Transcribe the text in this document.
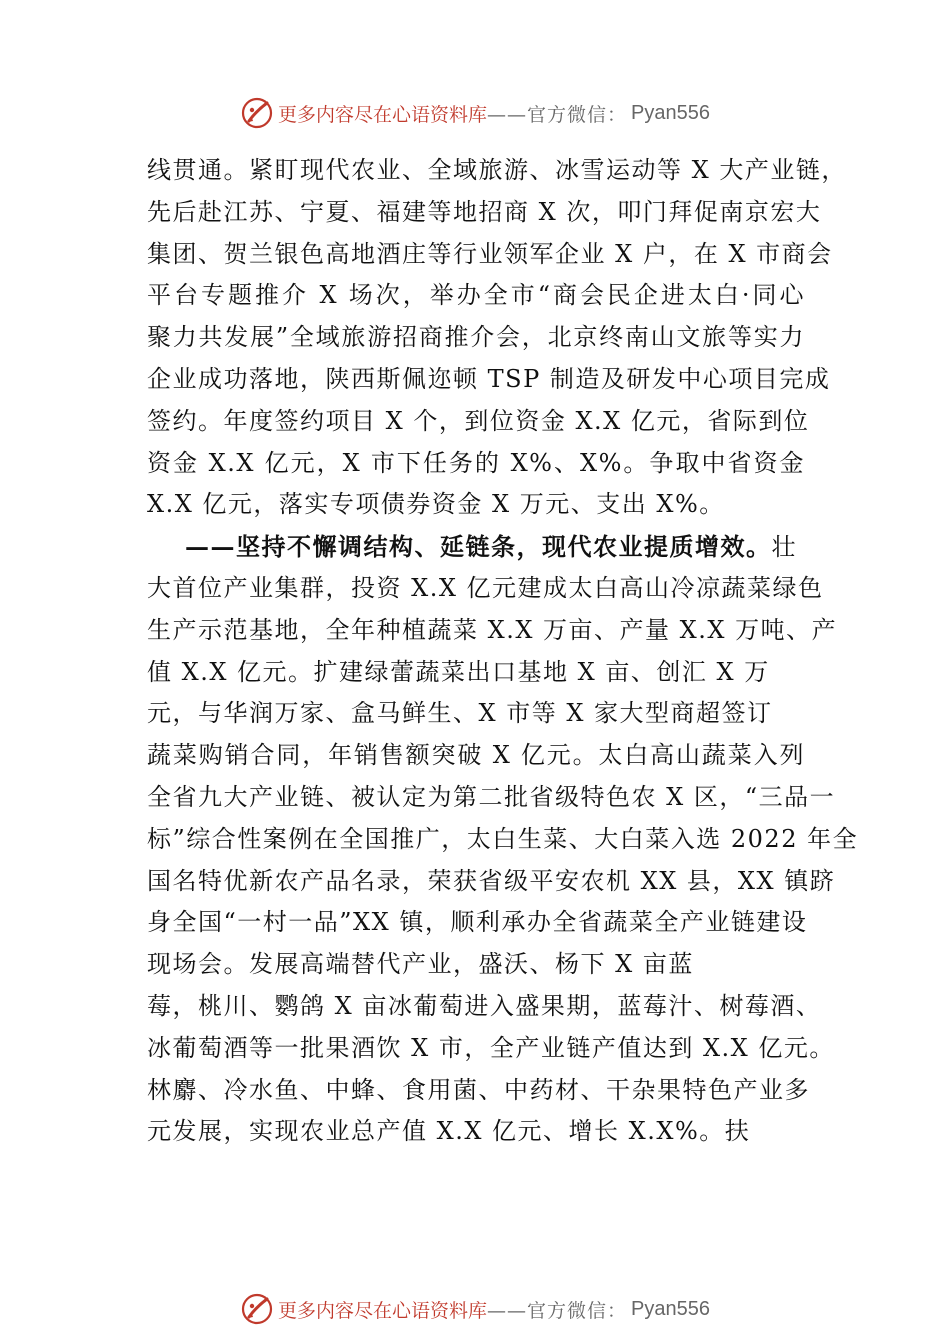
更多内容尽在心语资料库 ——官方微信： Pyan556
线贯通。紧盯现代农业、全域旅游、冰雪运动等 X 大产业链，
先后赴江苏、宁夏、福建等地招商 X 次，叩门拜促南京宏大
集团、贺兰银色高地酒庄等行业领军企业 X 户，在 X 市商会
平台专题推介 X 场次，举办全市“商会民企进太白·同心
聚力共发展”全域旅游招商推介会，北京终南山文旅等实力
企业成功落地，陕西斯佩迩顿 TSP 制造及研发中心项目完成
签约。年度签约项目 X 个，到位资金 X.X 亿元，省际到位
资金 X.X 亿元，X 市下任务的 X%、X%。争取中省资金
X.X 亿元，落实专项债券资金 X 万元、支出 X%。
——坚持不懈调结构、延链条，现代农业提质增效。壮
大首位产业集群，投资 X.X 亿元建成太白高山冷凉蔬菜绿色
生产示范基地，全年种植蔬菜 X.X 万亩、产量 X.X 万吨、产
值 X.X 亿元。扩建绿蕾蔬菜出口基地 X 亩、创汇 X 万
元，与华润万家、盒马鲜生、X 市等 X 家大型商超签订
蔬菜购销合同，年销售额突破 X 亿元。太白高山蔬菜入列
全省九大产业链、被认定为第二批省级特色农 X 区，“三品一
标”综合性案例在全国推广，太白生菜、大白菜入选 2022 年全
国名特优新农产品名录，荣获省级平安农机 XX 县，XX 镇跻
身全国“一村一品”XX 镇，顺利承办全省蔬菜全产业链建设
现场会。发展高端替代产业，盛沃、杨下 X 亩蓝
莓，桃川、鹦鸽 X 亩冰葡萄进入盛果期，蓝莓汁、树莓酒、
冰葡萄酒等一批果酒饮 X 市，全产业链产值达到 X.X 亿元。
林麝、冷水鱼、中蜂、食用菌、中药材、干杂果特色产业多
元发展，实现农业总产值 X.X 亿元、增长 X.X%。扶
更多内容尽在心语资料库 ——官方微信： Pyan556
